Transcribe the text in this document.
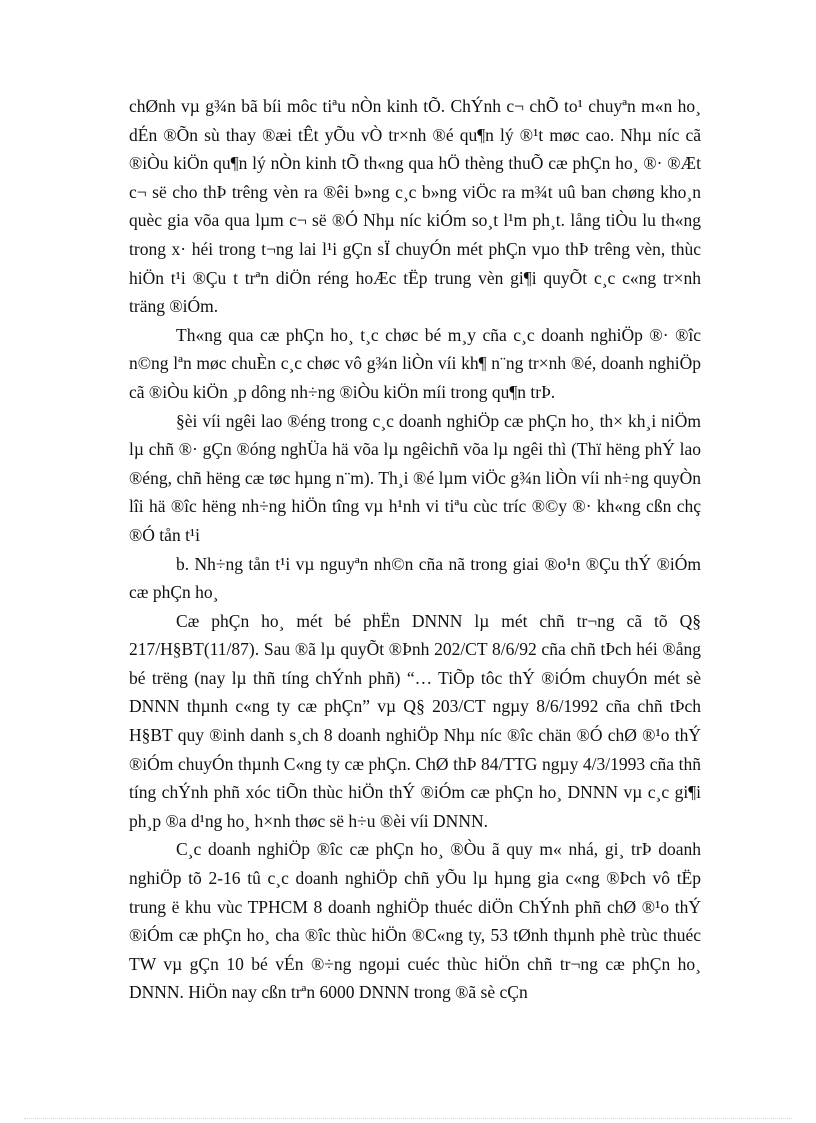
chØnh vµ g¾n bã bíi môc tiªu nÒn kinh tÕ. ChÝnh c¬ chÕ to¹ chuyªn m«n ho¸ dÉn ®Õn sù thay ®æi tÊt yÕu vÒ tr×nh ®é qu¶n lý ®¹t møc cao. Nhµ níc cã ®iÒu kiÖn qu¶n lý nÒn kinh tÕ th«ng qua hÖ thèng thuÕ cæ phÇn ho¸ ®· ®Æt c¬ së cho thÞ trêng vèn ra ®êi b»ng c¸c b»ng viÖc ra m¾t uû ban chøng kho¸n quèc gia võa qua lµm c¬ së ®Ó Nhµ níc kiÓm so¸t l¹m ph¸t. lång tiÒu lu th«ng trong x· héi trong t¬ng lai l¹i gÇn sÏ chuyÓn mét phÇn vµo thÞ trêng vèn, thùc hiÖn t¹i ®Çu t trªn diÖn réng hoÆc tËp trung vèn gi¶i quyÕt c¸c c«ng tr×nh träng ®iÓm.

Th«ng qua cæ phÇn ho¸ t¸c chøc bé m¸y cña c¸c doanh nghiÖp ®· ®îc n©ng lªn møc chuÈn c¸c chøc vô g¾n liÒn víi kh¶ n¨ng tr×nh ®é, doanh nghiÖp cã ®iÒu kiÖn ¸p dông nh÷ng ®iÒu kiÖn míi trong qu¶n trÞ.

§èi víi ngêi lao ®éng trong c¸c doanh nghiÖp cæ phÇn ho¸ th× kh¸i niÖm lµ chñ ®· gÇn ®óng nghÜa hä võa lµ ngêichñ võa lµ ngêi thì (Thï hëng phÝ lao ®éng, chñ hëng cæ tøc hµng n¨m). Th¸i ®é lµm viÖc g¾n liÒn víi nh÷ng quyÒn lîi hä ®îc hëng nh÷ng hiÖn tîng vµ h¹nh vi tiªu cùc tríc ®©y ®· kh«ng cßn chç ®Ó tån t¹i

b. Nh÷ng tån t¹i vµ nguyªn nh©n cña nã trong giai ®o¹n ®Çu thÝ ®iÓm cæ phÇn ho¸

Cæ phÇn ho¸ mét bé phËn DNNN lµ mét chñ tr¬ng cã tõ Q§ 217/H§BT(11/87). Sau ®ã lµ quyÕt ®Þnh 202/CT 8/6/92 cña chñ tÞch héi ®ång bé trëng (nay lµ thñ tíng chÝnh phñ) “… TiÕp tôc thÝ ®iÓm chuyÓn mét sè DNNN thµnh c«ng ty cæ phÇn” vµ Q§ 203/CT ngµy 8/6/1992 cña chñ tÞch H§BT quy ®inh danh s¸ch 8 doanh nghiÖp Nhµ níc ®îc chän ®Ó chØ ®¹o thÝ ®iÓm chuyÓn thµnh C«ng ty cæ phÇn. ChØ thÞ 84/TTG ngµy 4/3/1993 cña thñ tíng chÝnh phñ xóc tiÕn thùc hiÖn thÝ ®iÓm cæ phÇn ho¸ DNNN vµ c¸c gi¶i ph¸p ®a d¹ng ho¸ h×nh thøc së h÷u ®èi víi DNNN.

C¸c doanh nghiÖp ®îc cæ phÇn ho¸ ®Òu ã quy m« nhá, gi¸ trÞ doanh nghiÖp tõ 2-16 tû c¸c doanh nghiÖp chñ yÕu lµ hµng gia c«ng ®Þch vô tËp trung ë khu vùc TPHCM 8 doanh nghiÖp thuéc diÖn ChÝnh phñ chØ ®¹o thÝ ®iÓm cæ phÇn ho¸ cha ®îc thùc hiÖn ®C«ng ty, 53 tØnh thµnh phè trùc thuéc TW vµ gÇn 10 bé vÉn ®÷ng ngoµi cuéc thùc hiÖn chñ tr¬ng cæ phÇn ho¸ DNNN. HiÖn nay cßn trªn 6000 DNNN trong ®ã sè cÇn
